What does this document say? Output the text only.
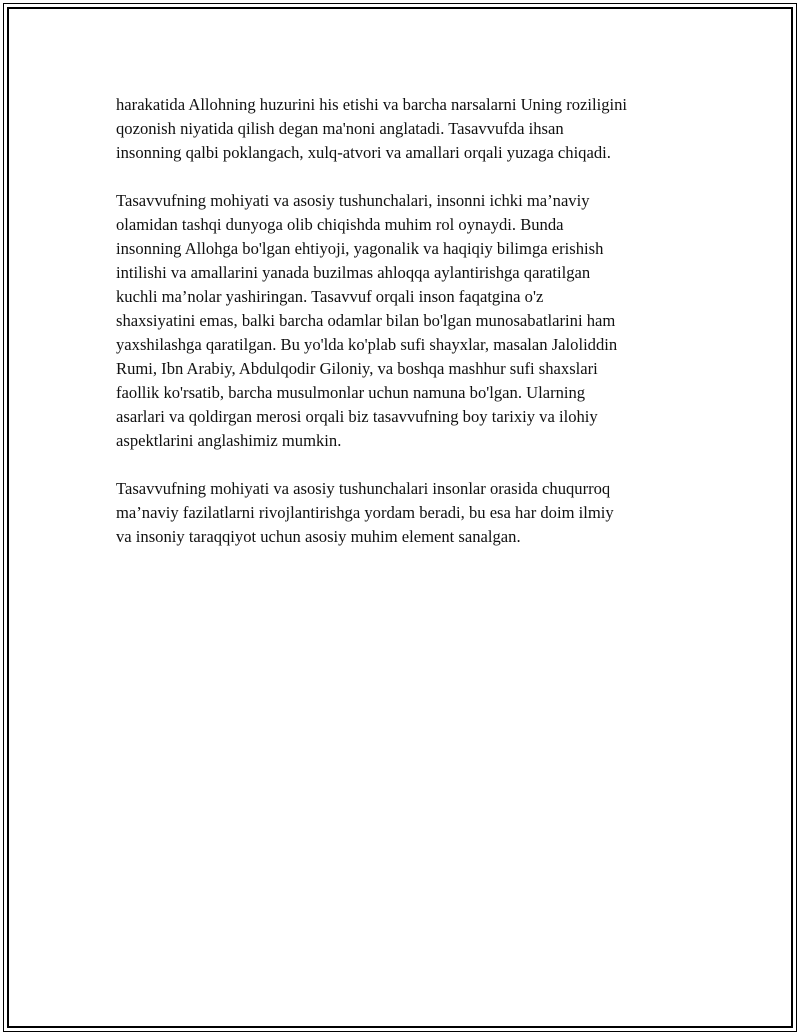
harakatida Allohning huzurini his etishi va barcha narsalarni Uning roziligini
qozonish niyatida qilish degan ma'noni anglatadi. Tasavvufda ihsan
insonning qalbi poklangach, xulq-atvori va amallari orqali yuzaga chiqadi.

Tasavvufning mohiyati va asosiy tushunchalari, insonni ichki ma’naviy
olamidan tashqi dunyoga olib chiqishda muhim rol oynaydi. Bunda
insonning Allohga bo'lgan ehtiyoji, yagonalik va haqiqiy bilimga erishish
intilishi va amallarini yanada buzilmas ahloqqa aylantirishga qaratilgan
kuchli ma’nolar yashiringan. Tasavvuf orqali inson faqatgina o'z
shaxsiyatini emas, balki barcha odamlar bilan bo'lgan munosabatlarini ham
yaxshilashga qaratilgan. Bu yo'lda ko'plab sufi shayxlar, masalan Jaloliddin
Rumi, Ibn Arabiy, Abdulqodir Giloniy, va boshqa mashhur sufi shaxslari
faollik ko'rsatib, barcha musulmonlar uchun namuna bo'lgan. Ularning
asarlari va qoldirgan merosi orqali biz tasavvufning boy tarixiy va ilohiy
aspektlarini anglashimiz mumkin.

Tasavvufning mohiyati va asosiy tushunchalari insonlar orasida chuqurroq
ma’naviy fazilatlarni rivojlantirishga yordam beradi, bu esa har doim ilmiy
va insoniy taraqqiyot uchun asosiy muhim element sanalgan.
